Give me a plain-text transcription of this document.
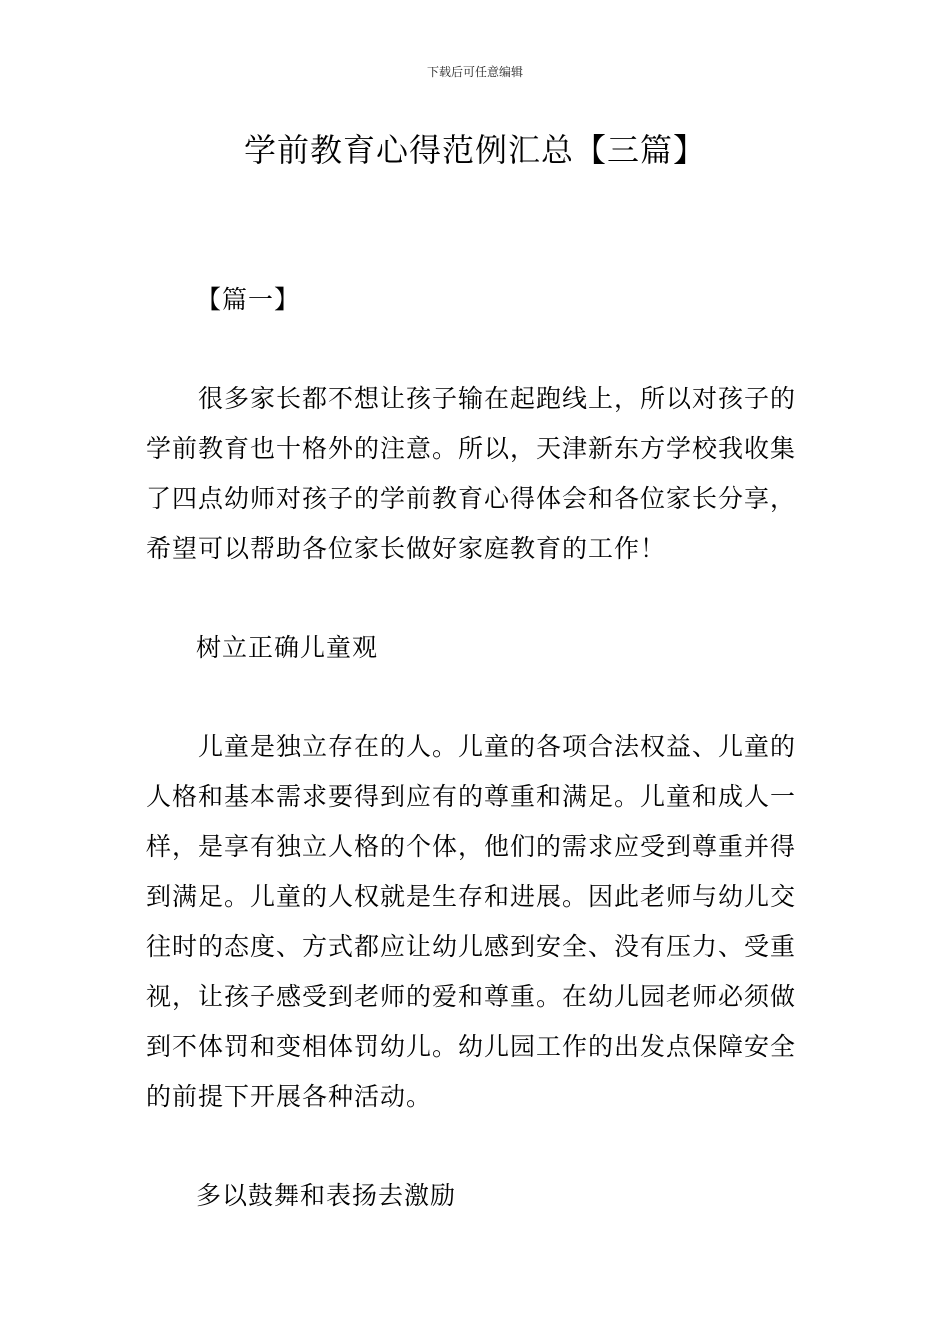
下载后可任意编辑
学前教育心得范例汇总【三篇】

【篇一】

很多家长都不想让孩子输在起跑线上，所以对孩子的学前教育也十格外的注意。所以，天津新东方学校我收集了四点幼师对孩子的学前教育心得体会和各位家长分享，希望可以帮助各位家长做好家庭教育的工作！

树立正确儿童观

儿童是独立存在的人。儿童的各项合法权益、儿童的人格和基本需求要得到应有的尊重和满足。儿童和成人一样，是享有独立人格的个体，他们的需求应受到尊重并得到满足。儿童的人权就是生存和进展。因此老师与幼儿交往时的态度、方式都应让幼儿感到安全、没有压力、受重视，让孩子感受到老师的爱和尊重。在幼儿园老师必须做到不体罚和变相体罚幼儿。幼儿园工作的出发点保障安全的前提下开展各种活动。

多以鼓舞和表扬去激励
